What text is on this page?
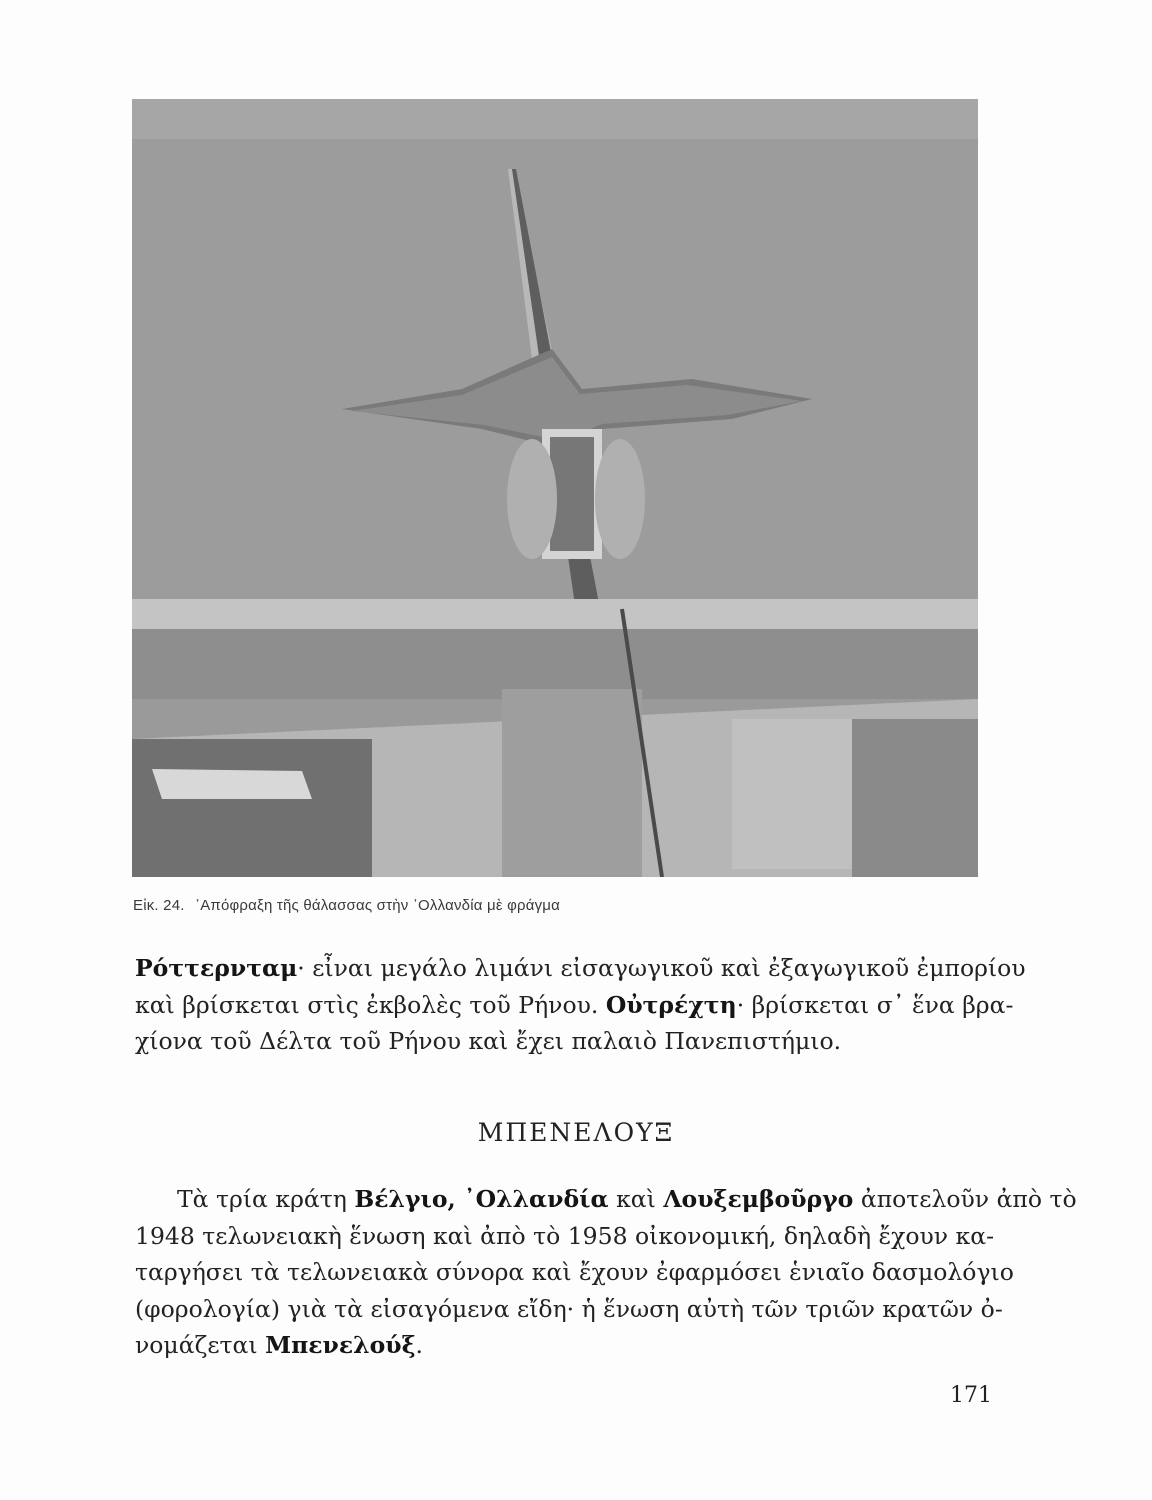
Εἰκ. 24. ᾿Απόφραξη τῆς θάλασσας στὴν ᾿Ολλανδία μὲ φράγμα
Ρόττερνταμ· εἶναι μεγάλο λιμάνι εἰσαγωγικοῦ καὶ ἐξαγωγικοῦ ἐμπορίου
καὶ βρίσκεται στὶς ἐκβολὲς τοῦ Ρήνου. Οὐτρέχτη· βρίσκεται σ᾿ ἕνα βρα-
χίονα τοῦ Δέλτα τοῦ Ρήνου καὶ ἔχει παλαιὸ Πανεπιστήμιο.
ΜΠΕΝΕΛΟΥΞ
Τὰ τρία κράτη Βέλγιο, ᾿Ολλανδία καὶ Λουξεμβοῦργο ἀποτελοῦν ἀπὸ τὸ
1948 τελωνειακὴ ἕνωση καὶ ἀπὸ τὸ 1958 οἰκονομική, δηλαδὴ ἔχουν κα-
ταργήσει τὰ τελωνειακὰ σύνορα καὶ ἔχουν ἐφαρμόσει ἑνιαῖο δασμολόγιο
(φορολογία) γιὰ τὰ εἰσαγόμενα εἴδη· ἡ ἕνωση αὐτὴ τῶν τριῶν κρατῶν ὀ-
νομάζεται Μπενελούξ.
171
